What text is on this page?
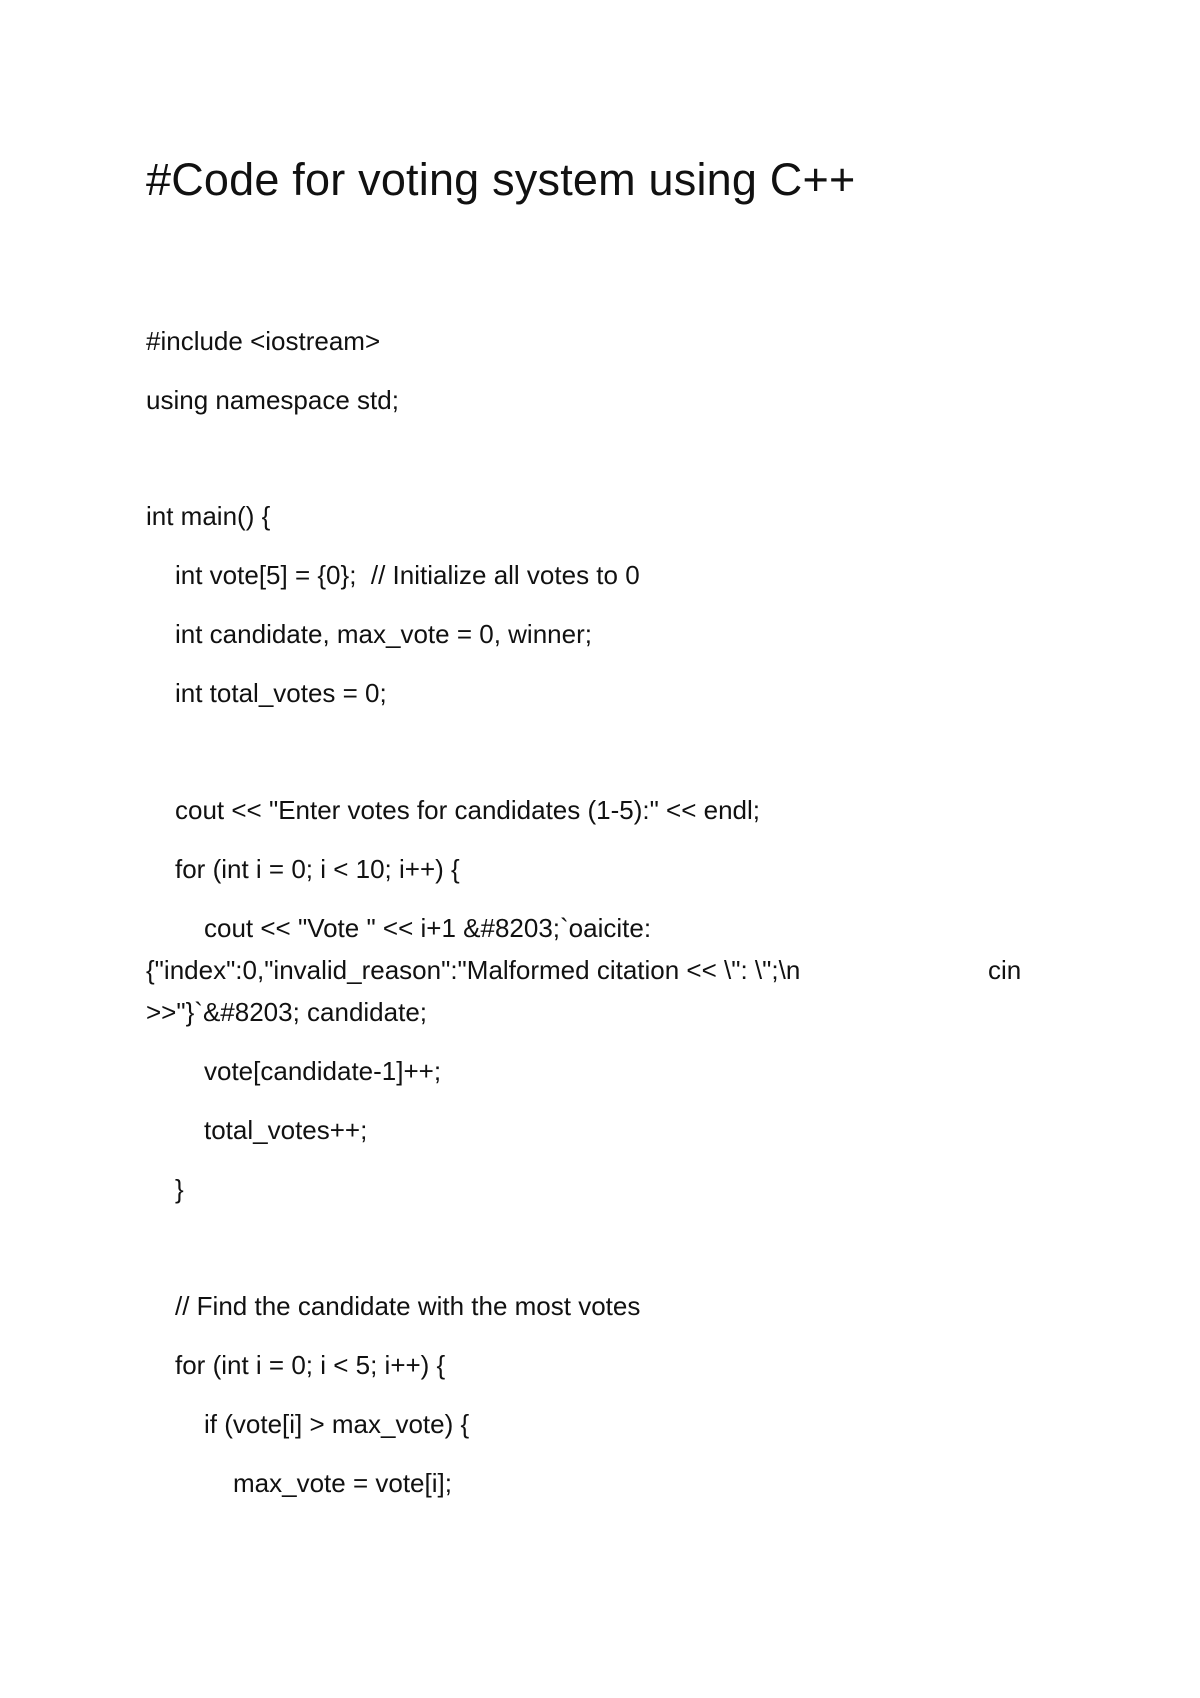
#Code for voting system using C++
#include <iostream>
using namespace std;
int main() {
int vote[5] = {0};  // Initialize all votes to 0
int candidate, max_vote = 0, winner;
int total_votes = 0;
cout << "Enter votes for candidates (1-5):" << endl;
for (int i = 0; i < 10; i++) {
cout << "Vote " << i+1 &#8203;`oaicite:
{"index":0,"invalid_reason":"Malformed citation << \": \";\n	cin
>>"}`&#8203; candidate;
vote[candidate-1]++;
total_votes++;
}
// Find the candidate with the most votes
for (int i = 0; i < 5; i++) {
if (vote[i] > max_vote) {
max_vote = vote[i];
